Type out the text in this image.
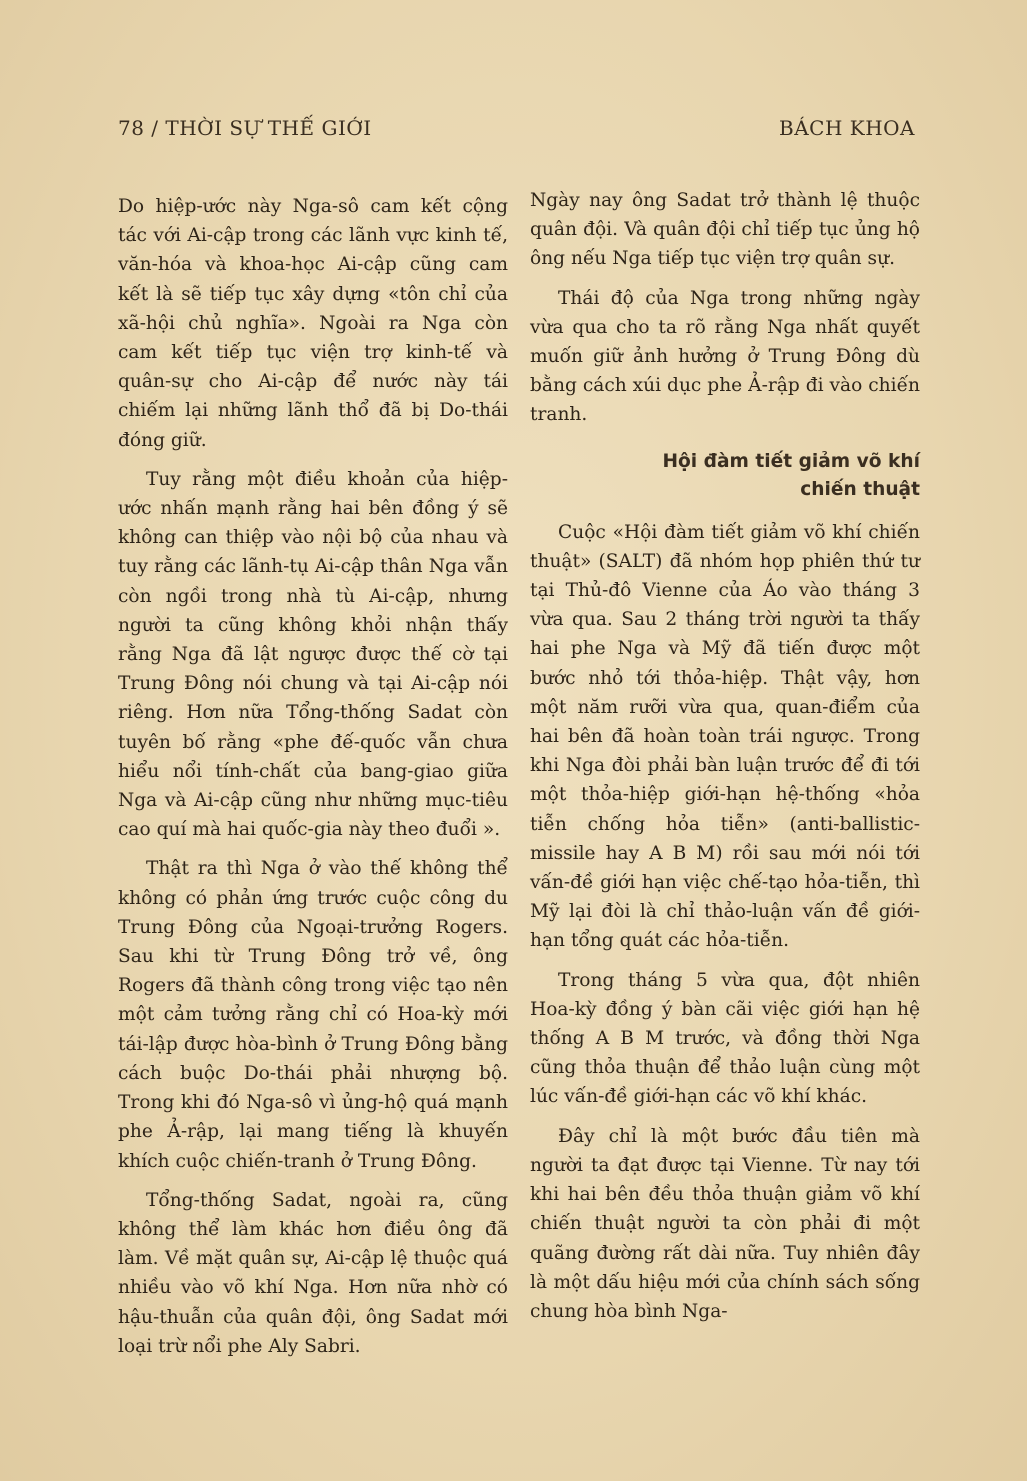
78 / THỜI SỰ THẾ GIỚI	BÁCH KHOA

Do hiệp-ước này Nga-sô cam kết cộng tác với Ai-cập trong các lãnh vực kinh tế, văn-hóa và khoa-học Ai-cập cũng cam kết là sẽ tiếp tục xây dựng «tôn chỉ của xã-hội chủ nghĩa». Ngoài ra Nga còn cam kết tiếp tục viện trợ kinh-tế và quân-sự cho Ai-cập để nước này tái chiếm lại những lãnh thổ đã bị Do-thái đóng giữ.

Tuy rằng một điều khoản của hiệp-ước nhấn mạnh rằng hai bên đồng ý sẽ không can thiệp vào nội bộ của nhau và tuy rằng các lãnh-tụ Ai-cập thân Nga vẫn còn ngồi trong nhà tù Ai-cập, nhưng người ta cũng không khỏi nhận thấy rằng Nga đã lật ngược được thế cờ tại Trung Đông nói chung và tại Ai-cập nói riêng. Hơn nữa Tổng-thống Sadat còn tuyên bố rằng «phe đế-quốc vẫn chưa hiểu nổi tính-chất của bang-giao giữa Nga và Ai-cập cũng như những mục-tiêu cao quí mà hai quốc-gia này theo đuổi ».

Thật ra thì Nga ở vào thế không thể không có phản ứng trước cuộc công du Trung Đông của Ngoại-trưởng Rogers. Sau khi từ Trung Đông trở về, ông Rogers đã thành công trong việc tạo nên một cảm tưởng rằng chỉ có Hoa-kỳ mới tái-lập được hòa-bình ở Trung Đông bằng cách buộc Do-thái phải nhượng bộ. Trong khi đó Nga-sô vì ủng-hộ quá mạnh phe Ả-rập, lại mang tiếng là khuyến khích cuộc chiến-tranh ở Trung Đông.

Tổng-thống Sadat, ngoài ra, cũng không thể làm khác hơn điều ông đã làm. Về mặt quân sự, Ai-cập lệ thuộc quá nhiều vào võ khí Nga. Hơn nữa nhờ có hậu-thuẫn của quân đội, ông Sadat mới loại trừ nổi phe Aly Sabri.

Ngày nay ông Sadat trở thành lệ thuộc quân đội. Và quân đội chỉ tiếp tục ủng hộ ông nếu Nga tiếp tục viện trợ quân sự.

Thái độ của Nga trong những ngày vừa qua cho ta rõ rằng Nga nhất quyết muốn giữ ảnh hưởng ở Trung Đông dù bằng cách xúi dục phe Ả-rập đi vào chiến tranh.

Hội đàm tiết giảm võ khí
chiến thuật

Cuộc «Hội đàm tiết giảm võ khí chiến thuật» (SALT) đã nhóm họp phiên thứ tư tại Thủ-đô Vienne của Áo vào tháng 3 vừa qua. Sau 2 tháng trời người ta thấy hai phe Nga và Mỹ đã tiến được một bước nhỏ tới thỏa-hiệp. Thật vậy, hơn một năm rưỡi vừa qua, quan-điểm của hai bên đã hoàn toàn trái ngược. Trong khi Nga đòi phải bàn luận trước để đi tới một thỏa-hiệp giới-hạn hệ-thống «hỏa tiễn chống hỏa tiễn» (anti-ballistic-missile hay A B M) rồi sau mới nói tới vấn-đề giới hạn việc chế-tạo hỏa-tiễn, thì Mỹ lại đòi là chỉ thảo-luận vấn đề giới-hạn tổng quát các hỏa-tiễn.

Trong tháng 5 vừa qua, đột nhiên Hoa-kỳ đồng ý bàn cãi việc giới hạn hệ thống A B M trước, và đồng thời Nga cũng thỏa thuận để thảo luận cùng một lúc vấn-đề giới-hạn các võ khí khác.

Đây chỉ là một bước đầu tiên mà người ta đạt được tại Vienne. Từ nay tới khi hai bên đều thỏa thuận giảm võ khí chiến thuật người ta còn phải đi một quãng đường rất dài nữa. Tuy nhiên đây là một dấu hiệu mới của chính sách sống chung hòa bình Nga-
